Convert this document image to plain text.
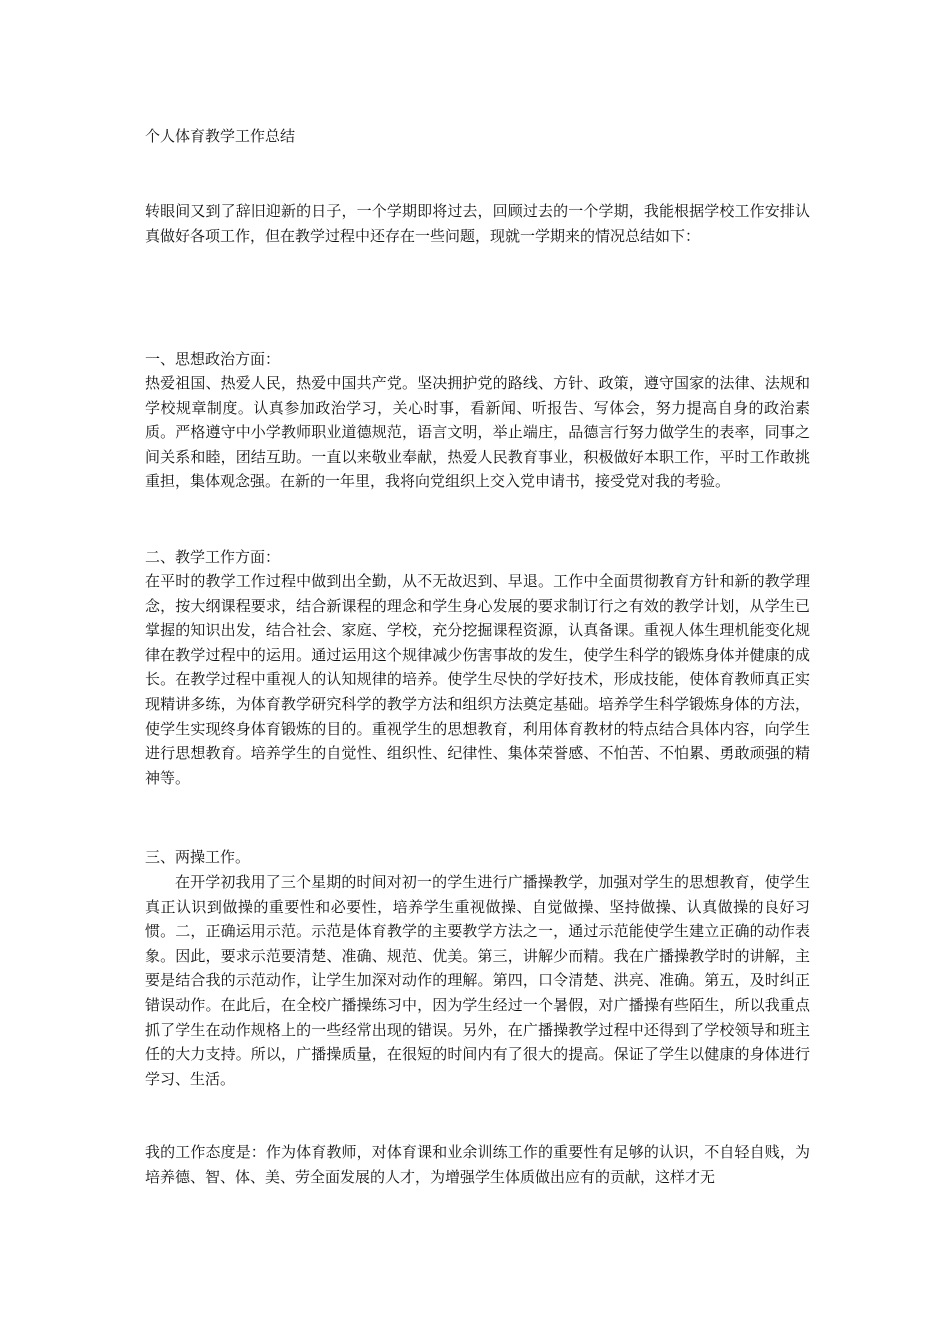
个人体育教学工作总结

转眼间又到了辞旧迎新的日子，一个学期即将过去，回顾过去的一个学期，我能根据学校工作安排认真做好各项工作，但在教学过程中还存在一些问题，现就一学期来的情况总结如下：

一、思想政治方面：

热爱祖国、热爱人民，热爱中国共产党。坚决拥护党的路线、方针、政策，遵守国家的法律、法规和学校规章制度。认真参加政治学习，关心时事，看新闻、听报告、写体会，努力提高自身的政治素质。严格遵守中小学教师职业道德规范，语言文明，举止端庄，品德言行努力做学生的表率，同事之间关系和睦，团结互助。一直以来敬业奉献，热爱人民教育事业，积极做好本职工作，平时工作敢挑重担，集体观念强。在新的一年里，我将向党组织上交入党申请书，接受党对我的考验。

二、教学工作方面：

在平时的教学工作过程中做到出全勤，从不无故迟到、早退。工作中全面贯彻教育方针和新的教学理念，按大纲课程要求，结合新课程的理念和学生身心发展的要求制订行之有效的教学计划，从学生已掌握的知识出发，结合社会、家庭、学校，充分挖掘课程资源，认真备课。重视人体生理机能变化规律在教学过程中的运用。通过运用这个规律减少伤害事故的发生，使学生科学的锻炼身体并健康的成长。在教学过程中重视人的认知规律的培养。使学生尽快的学好技术，形成技能，使体育教师真正实现精讲多练，为体育教学研究科学的教学方法和组织方法奠定基础。培养学生科学锻炼身体的方法，使学生实现终身体育锻炼的目的。重视学生的思想教育，利用体育教材的特点结合具体内容，向学生进行思想教育。培养学生的自觉性、组织性、纪律性、集体荣誉感、不怕苦、不怕累、勇敢顽强的精神等。

三、两操工作。

在开学初我用了三个星期的时间对初一的学生进行广播操教学，加强对学生的思想教育，使学生真正认识到做操的重要性和必要性，培养学生重视做操、自觉做操、坚持做操、认真做操的良好习惯。二，正确运用示范。示范是体育教学的主要教学方法之一，通过示范能使学生建立正确的动作表象。因此，要求示范要清楚、准确、规范、优美。第三，讲解少而精。我在广播操教学时的讲解，主要是结合我的示范动作，让学生加深对动作的理解。第四，口令清楚、洪亮、准确。第五，及时纠正错误动作。在此后，在全校广播操练习中，因为学生经过一个暑假，对广播操有些陌生，所以我重点抓了学生在动作规格上的一些经常出现的错误。另外，在广播操教学过程中还得到了学校领导和班主任的大力支持。所以，广播操质量，在很短的时间内有了很大的提高。保证了学生以健康的身体进行学习、生活。

我的工作态度是：作为体育教师，对体育课和业余训练工作的重要性有足够的认识，不自轻自贱，为培养德、智、体、美、劳全面发展的人才，为增强学生体质做出应有的贡献，这样才无
